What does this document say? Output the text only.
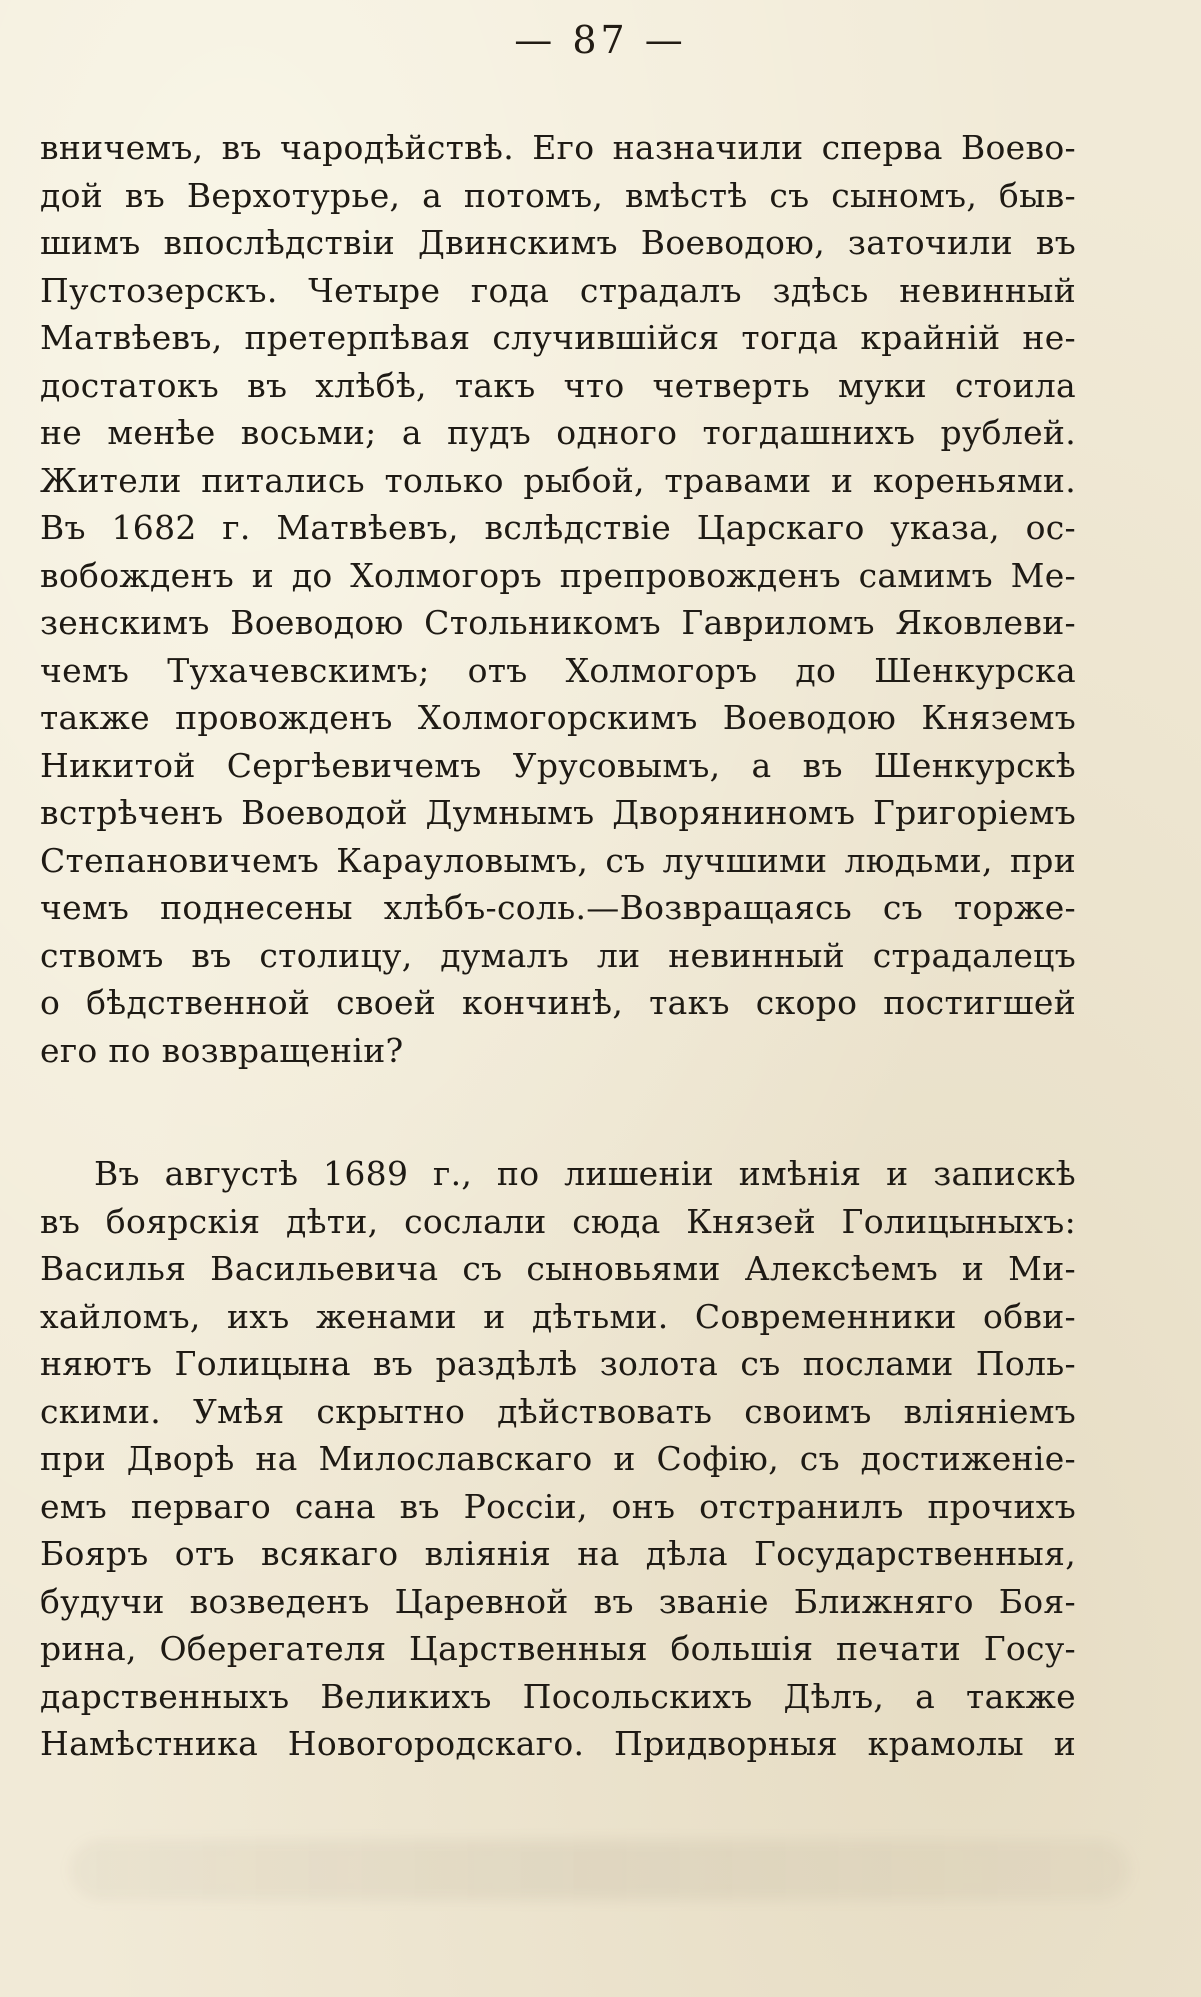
— 87 —
вничемъ, въ чародѣйствѣ. Его назначили сперва Воево-
дой въ Верхотурье, а потомъ, вмѣстѣ съ сыномъ, быв-
шимъ впослѣдствіи Двинскимъ Воеводою, заточили въ
Пустозерскъ. Четыре года страдалъ здѣсь невинный
Матвѣевъ, претерпѣвая случившійся тогда крайній не-
достатокъ въ хлѣбѣ, такъ что четверть муки стоила
не менѣе восьми; а пудъ одного тогдашнихъ рублей.
Жители питались только рыбой, травами и кореньями.
Въ 1682 г. Матвѣевъ, вслѣдствіе Царскаго указа, ос-
вобожденъ и до Холмогоръ препровожденъ самимъ Ме-
зенскимъ Воеводою Стольникомъ Гавриломъ Яковлеви-
чемъ Тухачевскимъ; отъ Холмогоръ до Шенкурска
также провожденъ Холмогорскимъ Воеводою Княземъ
Никитой Сергѣевичемъ Урусовымъ, а въ Шенкурскѣ
встрѣченъ Воеводой Думнымъ Дворяниномъ Григоріемъ
Степановичемъ Карауловымъ, съ лучшими людьми, при
чемъ поднесены хлѣбъ-соль.—Возвращаясь съ торже-
ствомъ въ столицу, думалъ ли невинный страдалецъ
о бѣдственной своей кончинѣ, такъ скоро постигшей
его по возвращеніи?
Въ августѣ 1689 г., по лишеніи имѣнія и запискѣ
въ боярскія дѣти, сослали сюда Князей Голицыныхъ:
Василья Васильевича съ сыновьями Алексѣемъ и Ми-
хайломъ, ихъ женами и дѣтьми. Современники обви-
няютъ Голицына въ раздѣлѣ золота съ послами Поль-
скими. Умѣя скрытно дѣйствовать своимъ вліяніемъ
при Дворѣ на Милославскаго и Софію, съ достиженіе-
емъ перваго сана въ Россіи, онъ отстранилъ прочихъ
Бояръ отъ всякаго вліянія на дѣла Государственныя,
будучи возведенъ Царевной въ званіе Ближняго Боя-
рина, Оберегателя Царственныя большія печати Госу-
дарственныхъ Великихъ Посольскихъ Дѣлъ, а также
Намѣстника Новогородскаго. Придворныя крамолы и
